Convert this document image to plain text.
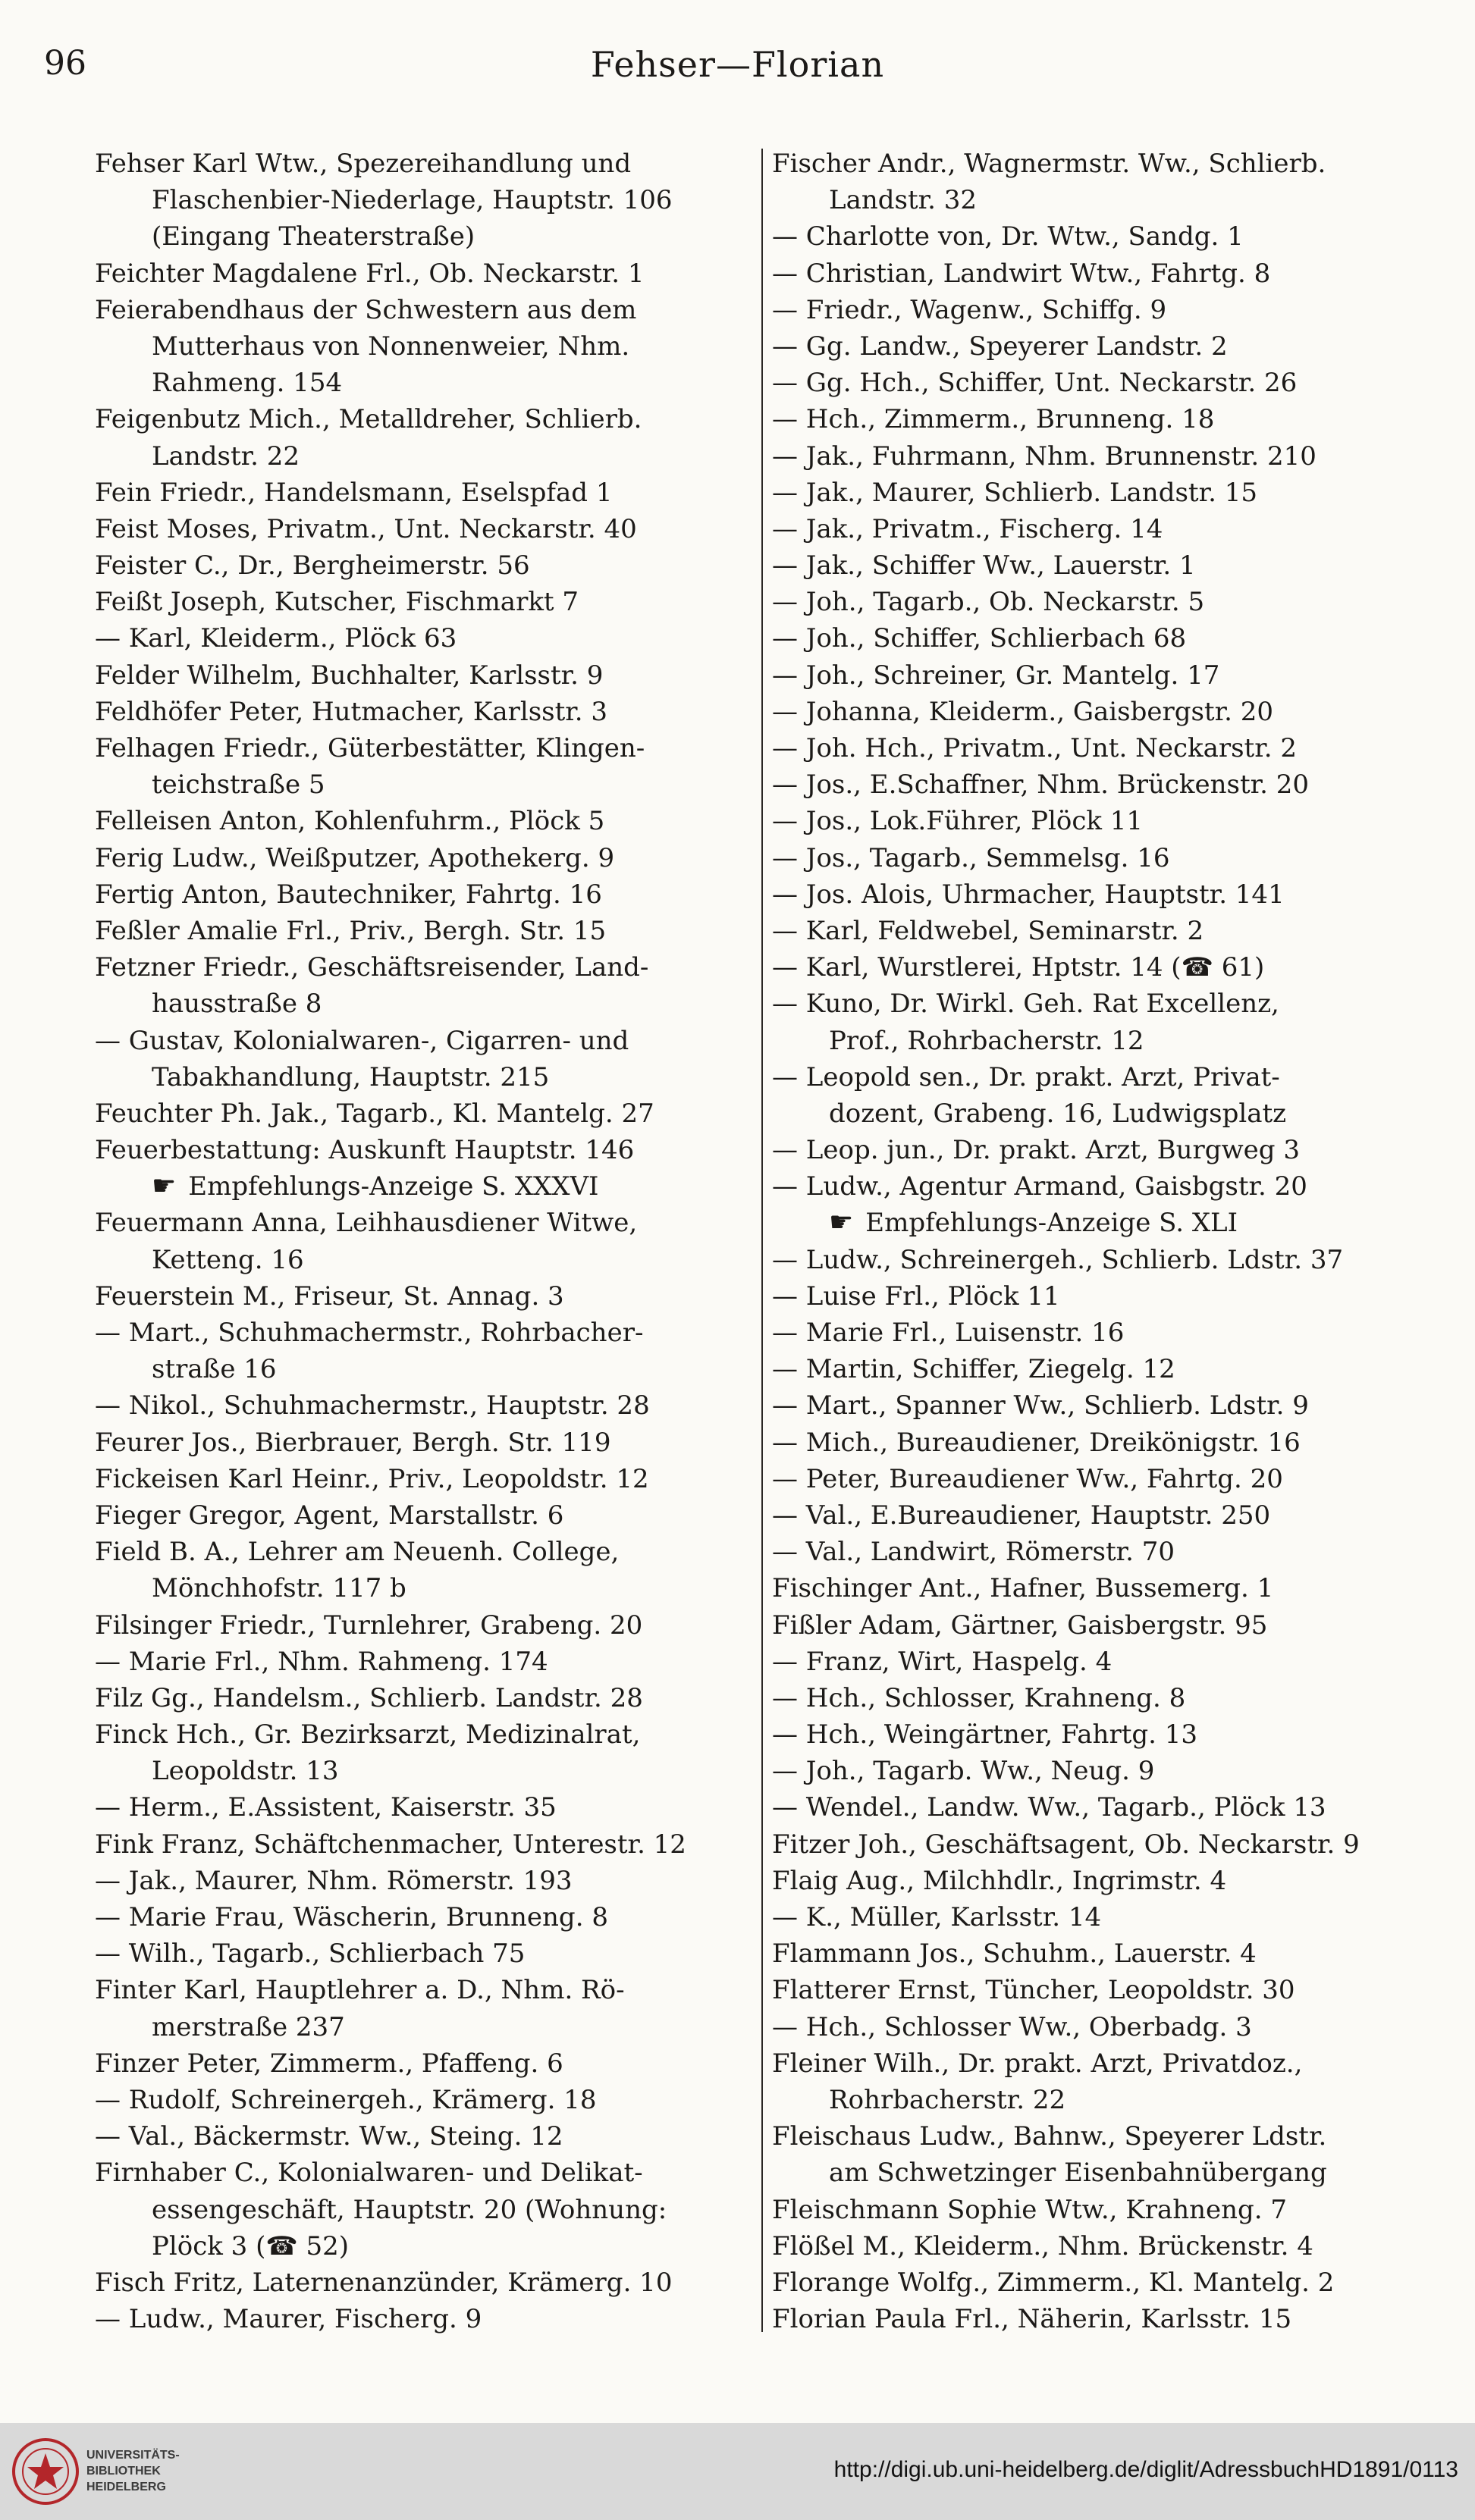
96	Fehser—Florian
Fehser Karl Wtw., Spezereihandlung und
Flaschenbier-Niederlage, Hauptstr. 106
(Eingang Theaterstraße)
Feichter Magdalene Frl., Ob. Neckarstr. 1
Feierabendhaus der Schwestern aus dem
Mutterhaus von Nonnenweier, Nhm.
Rahmeng. 154
Feigenbutz Mich., Metalldreher, Schlierb.
Landstr. 22
Fein Friedr., Handelsmann, Eselspfad 1
Feist Moses, Privatm., Unt. Neckarstr. 40
Feister C., Dr., Bergheimerstr. 56
Feißt Joseph, Kutscher, Fischmarkt 7
— Karl, Kleiderm., Plöck 63
Felder Wilhelm, Buchhalter, Karlsstr. 9
Feldhöfer Peter, Hutmacher, Karlsstr. 3
Felhagen Friedr., Güterbestätter, Klingen-
teichstraße 5
Felleisen Anton, Kohlenfuhrm., Plöck 5
Ferig Ludw., Weißputzer, Apothekerg. 9
Fertig Anton, Bautechniker, Fahrtg. 16
Feßler Amalie Frl., Priv., Bergh. Str. 15
Fetzner Friedr., Geschäftsreisender, Land-
hausstraße 8
— Gustav, Kolonialwaren-, Cigarren- und
Tabakhandlung, Hauptstr. 215
Feuchter Ph. Jak., Tagarb., Kl. Mantelg. 27
Feuerbestattung: Auskunft Hauptstr. 146
☛ Empfehlungs-Anzeige S. XXXVI
Feuermann Anna, Leihhausdiener Witwe,
Ketteng. 16
Feuerstein M., Friseur, St. Annag. 3
— Mart., Schuhmachermstr., Rohrbacher-
straße 16
— Nikol., Schuhmachermstr., Hauptstr. 28
Feurer Jos., Bierbrauer, Bergh. Str. 119
Fickeisen Karl Heinr., Priv., Leopoldstr. 12
Fieger Gregor, Agent, Marstallstr. 6
Field B. A., Lehrer am Neuenh. College,
Mönchhofstr. 117 b
Filsinger Friedr., Turnlehrer, Grabeng. 20
— Marie Frl., Nhm. Rahmeng. 174
Filz Gg., Handelsm., Schlierb. Landstr. 28
Finck Hch., Gr. Bezirksarzt, Medizinalrat,
Leopoldstr. 13
— Herm., E.Assistent, Kaiserstr. 35
Fink Franz, Schäftchenmacher, Unterestr. 12
— Jak., Maurer, Nhm. Römerstr. 193
— Marie Frau, Wäscherin, Brunneng. 8
— Wilh., Tagarb., Schlierbach 75
Finter Karl, Hauptlehrer a. D., Nhm. Rö-
merstraße 237
Finzer Peter, Zimmerm., Pfaffeng. 6
— Rudolf, Schreinergeh., Krämerg. 18
— Val., Bäckermstr. Ww., Steing. 12
Firnhaber C., Kolonialwaren- und Delikat-
essengeschäft, Hauptstr. 20 (Wohnung:
Plöck 3 (☎ 52)
Fisch Fritz, Laternenanzünder, Krämerg. 10
— Ludw., Maurer, Fischerg. 9
Fischer Andr., Wagnermstr. Ww., Schlierb.
Landstr. 32
— Charlotte von, Dr. Wtw., Sandg. 1
— Christian, Landwirt Wtw., Fahrtg. 8
— Friedr., Wagenw., Schiffg. 9
— Gg. Landw., Speyerer Landstr. 2
— Gg. Hch., Schiffer, Unt. Neckarstr. 26
— Hch., Zimmerm., Brunneng. 18
— Jak., Fuhrmann, Nhm. Brunnenstr. 210
— Jak., Maurer, Schlierb. Landstr. 15
— Jak., Privatm., Fischerg. 14
— Jak., Schiffer Ww., Lauerstr. 1
— Joh., Tagarb., Ob. Neckarstr. 5
— Joh., Schiffer, Schlierbach 68
— Joh., Schreiner, Gr. Mantelg. 17
— Johanna, Kleiderm., Gaisbergstr. 20
— Joh. Hch., Privatm., Unt. Neckarstr. 2
— Jos., E.Schaffner, Nhm. Brückenstr. 20
— Jos., Lok.Führer, Plöck 11
— Jos., Tagarb., Semmelsg. 16
— Jos. Alois, Uhrmacher, Hauptstr. 141
— Karl, Feldwebel, Seminarstr. 2
— Karl, Wurstlerei, Hptstr. 14 (☎ 61)
— Kuno, Dr. Wirkl. Geh. Rat Excellenz,
Prof., Rohrbacherstr. 12
— Leopold sen., Dr. prakt. Arzt, Privat-
dozent, Grabeng. 16, Ludwigsplatz
— Leop. jun., Dr. prakt. Arzt, Burgweg 3
— Ludw., Agentur Armand, Gaisbgstr. 20
☛ Empfehlungs-Anzeige S. XLI
— Ludw., Schreinergeh., Schlierb. Ldstr. 37
— Luise Frl., Plöck 11
— Marie Frl., Luisenstr. 16
— Martin, Schiffer, Ziegelg. 12
— Mart., Spanner Ww., Schlierb. Ldstr. 9
— Mich., Bureaudiener, Dreikönigstr. 16
— Peter, Bureaudiener Ww., Fahrtg. 20
— Val., E.Bureaudiener, Hauptstr. 250
— Val., Landwirt, Römerstr. 70
Fischinger Ant., Hafner, Bussemerg. 1
Fißler Adam, Gärtner, Gaisbergstr. 95
— Franz, Wirt, Haspelg. 4
— Hch., Schlosser, Krahneng. 8
— Hch., Weingärtner, Fahrtg. 13
— Joh., Tagarb. Ww., Neug. 9
— Wendel., Landw. Ww., Tagarb., Plöck 13
Fitzer Joh., Geschäftsagent, Ob. Neckarstr. 9
Flaig Aug., Milchhdlr., Ingrimstr. 4
— K., Müller, Karlsstr. 14
Flammann Jos., Schuhm., Lauerstr. 4
Flatterer Ernst, Tüncher, Leopoldstr. 30
— Hch., Schlosser Ww., Oberbadg. 3
Fleiner Wilh., Dr. prakt. Arzt, Privatdoz.,
Rohrbacherstr. 22
Fleischaus Ludw., Bahnw., Speyerer Ldstr.
am Schwetzinger Eisenbahnübergang
Fleischmann Sophie Wtw., Krahneng. 7
Flößel M., Kleiderm., Nhm. Brückenstr. 4
Florange Wolfg., Zimmerm., Kl. Mantelg. 2
Florian Paula Frl., Näherin, Karlsstr. 15
UNIVERSITÄTS-
BIBLIOTHEK
HEIDELBERG
http://digi.ub.uni-heidelberg.de/diglit/AdressbuchHD1891/0113
